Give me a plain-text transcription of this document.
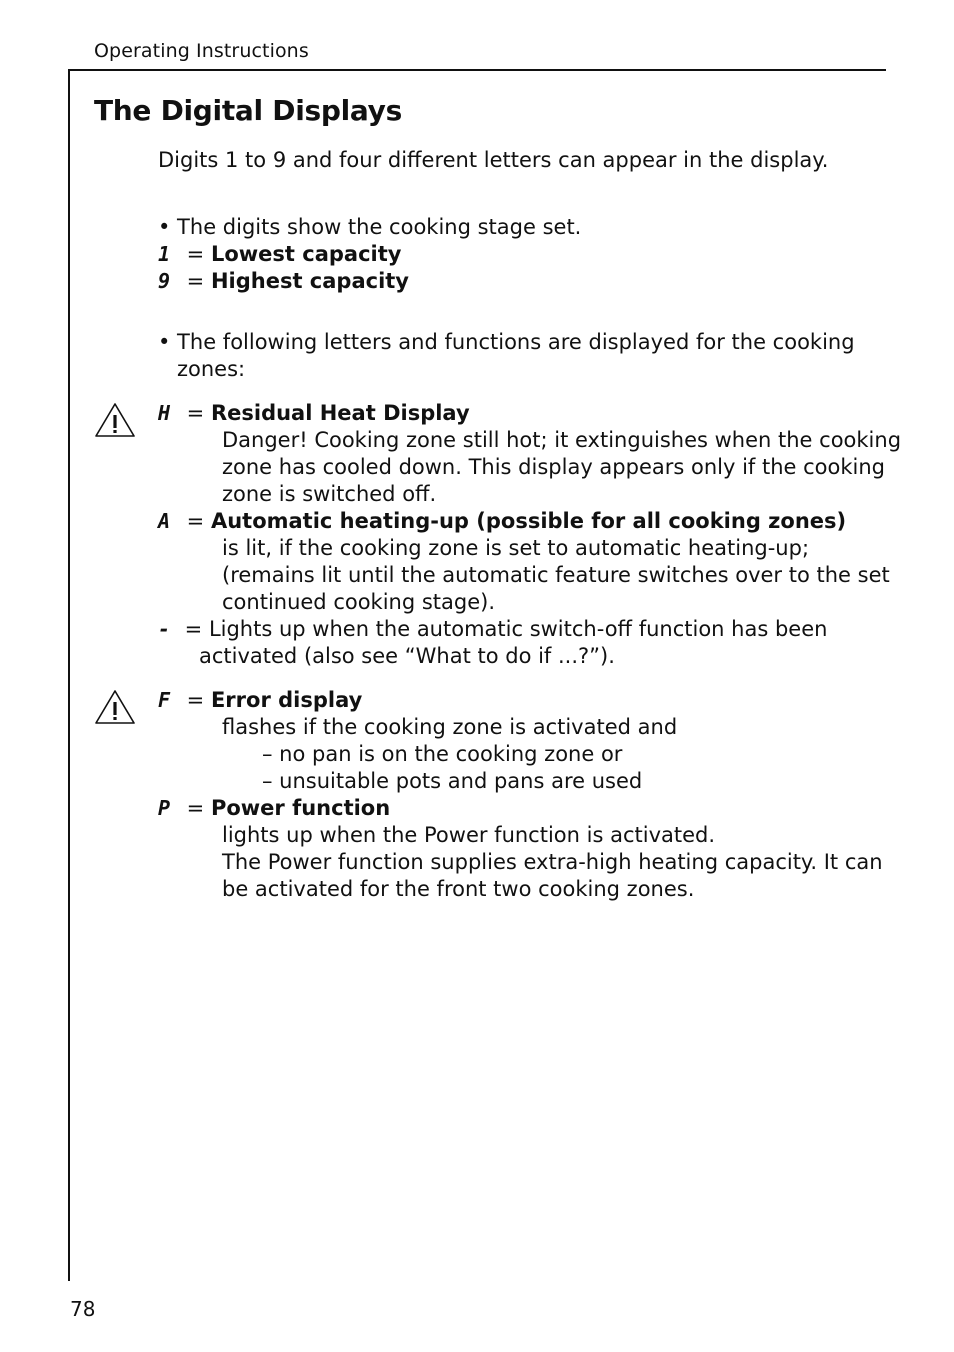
Operating Instructions
The Digital Displays
Digits 1 to 9 and four different letters can appear in the display.
• The digits show the cooking stage set.
1 = Lowest capacity
9 = Highest capacity
• The following letters and functions are displayed for the cooking
zones:
H = Residual Heat Display
Danger! Cooking zone still hot; it extinguishes when the cooking
zone has cooled down. This display appears only if the cooking
zone is switched off.
A = Automatic heating-up (possible for all cooking zones)
is lit, if the cooking zone is set to automatic heating-up;
(remains lit until the automatic feature switches over to the set
continued cooking stage).
- = Lights up when the automatic switch-off function has been
activated (also see “What to do if ...?”).
F = Error display
flashes if the cooking zone is activated and
– no pan is on the cooking zone or
– unsuitable pots and pans are used
P = Power function
lights up when the Power function is activated.
The Power function supplies extra-high heating capacity. It can
be activated for the front two cooking zones.
78
